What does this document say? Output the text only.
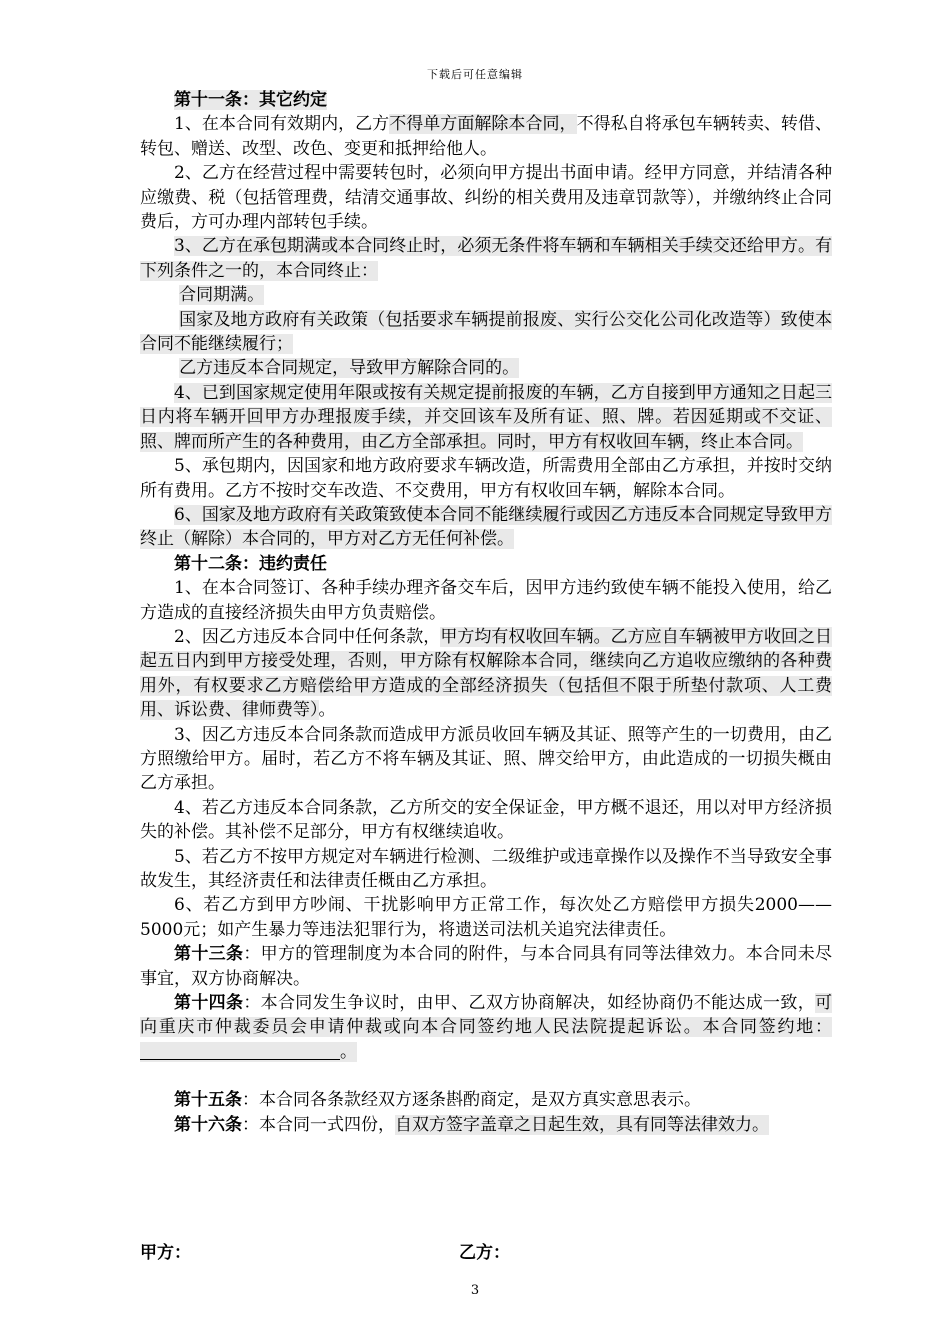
下载后可任意编辑

第十一条：其它约定

1、在本合同有效期内，乙方不得单方面解除本合同，不得私自将承包车辆转卖、转借、转包、赠送、改型、改色、变更和抵押给他人。

2、乙方在经营过程中需要转包时，必须向甲方提出书面申请。经甲方同意，并结清各种应缴费、税（包括管理费，结清交通事故、纠纷的相关费用及违章罚款等），并缴纳终止合同费后，方可办理内部转包手续。

3、乙方在承包期满或本合同终止时，必须无条件将车辆和车辆相关手续交还给甲方。有下列条件之一的，本合同终止：

合同期满。

国家及地方政府有关政策（包括要求车辆提前报废、实行公交化公司化改造等）致使本合同不能继续履行；

乙方违反本合同规定，导致甲方解除合同的。

4、已到国家规定使用年限或按有关规定提前报废的车辆，乙方自接到甲方通知之日起三日内将车辆开回甲方办理报废手续，并交回该车及所有证、照、牌。若因延期或不交证、照、牌而所产生的各种费用，由乙方全部承担。同时，甲方有权收回车辆，终止本合同。

5、承包期内，因国家和地方政府要求车辆改造，所需费用全部由乙方承担，并按时交纳所有费用。乙方不按时交车改造、不交费用，甲方有权收回车辆，解除本合同。

6、国家及地方政府有关政策致使本合同不能继续履行或因乙方违反本合同规定导致甲方终止（解除）本合同的，甲方对乙方无任何补偿。

第十二条：违约责任

1、在本合同签订、各种手续办理齐备交车后，因甲方违约致使车辆不能投入使用，给乙方造成的直接经济损失由甲方负责赔偿。

2、因乙方违反本合同中任何条款，甲方均有权收回车辆。乙方应自车辆被甲方收回之日起五日内到甲方接受处理，否则，甲方除有权解除本合同，继续向乙方追收应缴纳的各种费用外，有权要求乙方赔偿给甲方造成的全部经济损失（包括但不限于所垫付款项、人工费用、诉讼费、律师费等）。

3、因乙方违反本合同条款而造成甲方派员收回车辆及其证、照等产生的一切费用，由乙方照缴给甲方。届时，若乙方不将车辆及其证、照、牌交给甲方，由此造成的一切损失概由乙方承担。

4、若乙方违反本合同条款，乙方所交的安全保证金，甲方概不退还，用以对甲方经济损失的补偿。其补偿不足部分，甲方有权继续追收。

5、若乙方不按甲方规定对车辆进行检测、二级维护或违章操作以及操作不当导致安全事故发生，其经济责任和法律责任概由乙方承担。

6、若乙方到甲方吵闹、干扰影响甲方正常工作，每次处乙方赔偿甲方损失2000——5000元；如产生暴力等违法犯罪行为，将遗送司法机关追究法律责任。

第十三条：甲方的管理制度为本合同的附件，与本合同具有同等法律效力。本合同未尽事宜，双方协商解决。

第十四条：本合同发生争议时，由甲、乙双方协商解决，如经协商仍不能达成一致，可向重庆市仲裁委员会申请仲裁或向本合同签约地人民法院提起诉讼。本合同签约地：。

第十五条：本合同各条款经双方逐条斟酌商定，是双方真实意思表示。

第十六条：本合同一式四份，自双方签字盖章之日起生效，具有同等法律效力。

甲方：	乙方：
3
